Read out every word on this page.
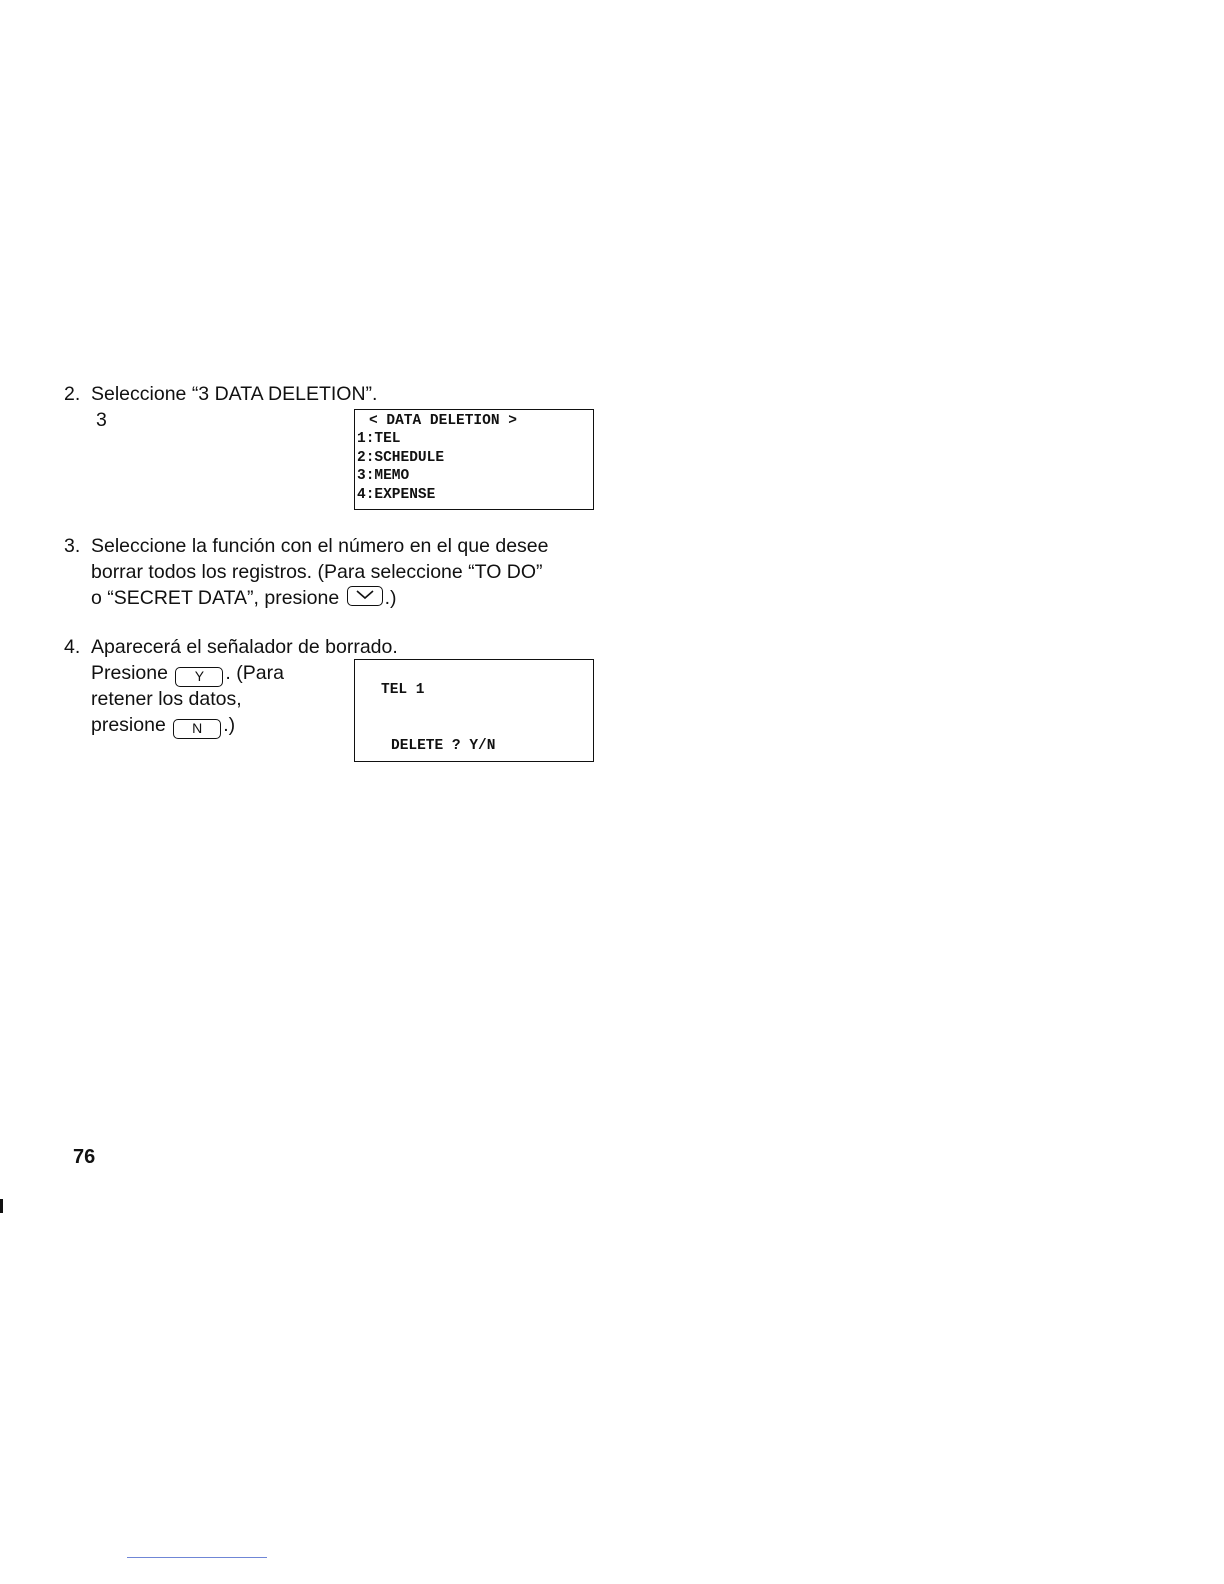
2. Seleccione “3 DATA DELETION”.
3	< DATA DELETION >
1:TEL
2:SCHEDULE
3:MEMO
4:EXPENSE
3. Seleccione la función con el número en el que desee
borrar todos los registros. (Para seleccione “TO DO”
o “SECRET DATA”, presione .)
4. Aparecerá el señalador de borrado.
Presione Y . (Para
retener los datos,
presione N .)
TEL 1
DELETE ? Y/N
76
